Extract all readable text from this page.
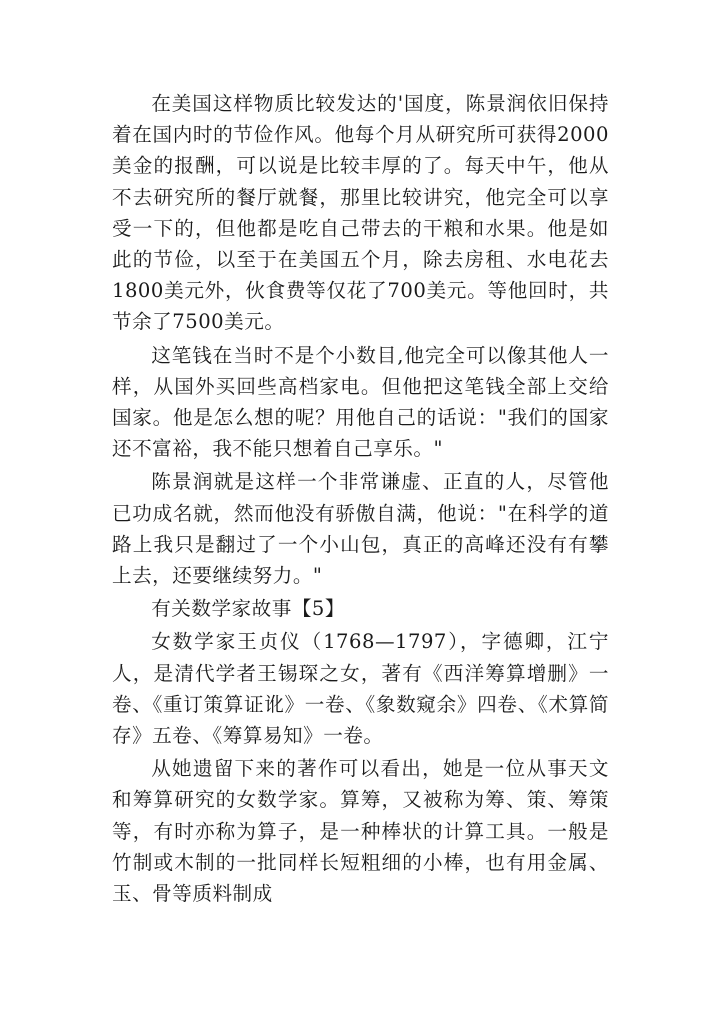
在美国这样物质比较发达的'国度，陈景润依旧保持着在国内时的节俭作风。他每个月从研究所可获得2000美金的报酬，可以说是比较丰厚的了。每天中午，他从不去研究所的餐厅就餐，那里比较讲究，他完全可以享受一下的，但他都是吃自己带去的干粮和水果。他是如此的节俭，以至于在美国五个月，除去房租、水电花去1800美元外，伙食费等仅花了700美元。等他回时，共节余了7500美元。

这笔钱在当时不是个小数目,他完全可以像其他人一样，从国外买回些高档家电。但他把这笔钱全部上交给国家。他是怎么想的呢？用他自己的话说："我们的国家还不富裕，我不能只想着自己享乐。"

陈景润就是这样一个非常谦虚、正直的人，尽管他已功成名就，然而他没有骄傲自满，他说："在科学的道路上我只是翻过了一个小山包，真正的高峰还没有有攀上去，还要继续努力。"

有关数学家故事【5】

女数学家王贞仪（1768—1797），字德卿，江宁人，是清代学者王锡琛之女，著有《西洋筹算增删》一卷、《重订策算证讹》一卷、《象数窥余》四卷、《术算简存》五卷、《筹算易知》一卷。

从她遗留下来的著作可以看出，她是一位从事天文和筹算研究的女数学家。算筹，又被称为筹、策、筹策等，有时亦称为算子，是一种棒状的计算工具。一般是竹制或木制的一批同样长短粗细的小棒，也有用金属、玉、骨等质料制成
